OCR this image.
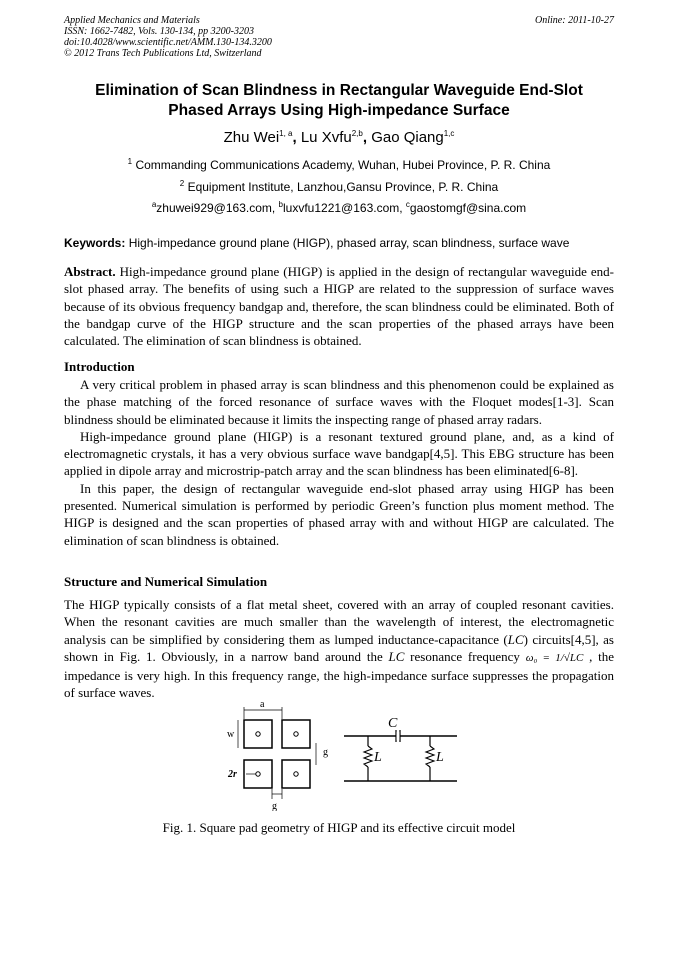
Applied Mechanics and Materials
ISSN: 1662-7482, Vols. 130-134, pp 3200-3203
doi:10.4028/www.scientific.net/AMM.130-134.3200
© 2012 Trans Tech Publications Ltd, Switzerland
Online: 2011-10-27
Elimination of Scan Blindness in Rectangular Waveguide End-Slot
Phased Arrays Using High-impedance Surface
Zhu Wei$^{1, a}$, Lu Xvfu$^{2,b}$, Gao Qiang$^{1,c}$
$^1$ Commanding Communications Academy, Wuhan, Hubei Province, P. R. China
$^2$ Equipment Institute, Lanzhou,Gansu Province, P. R. China
$^a$zhuwei929@163.com, $^b$luxvfu1221@163.com, $^c$gaostomgf@sina.com
Keywords: High-impedance ground plane (HIGP), phased array, scan blindness, surface wave

Abstract. High-impedance ground plane (HIGP) is applied in the design of rectangular waveguide end-slot phased array. The benefits of using such a HIGP are related to the suppression of surface waves because of its obvious frequency bandgap and, therefore, the scan blindness could be eliminated. Both of the bandgap curve of the HIGP structure and the scan properties of the phased arrays have been calculated. The elimination of scan blindness is obtained.

Introduction

A very critical problem in phased array is scan blindness and this phenomenon could be explained as the phase matching of the forced resonance of surface waves with the Floquet modes[1-3]. Scan blindness should be eliminated because it limits the inspecting range of phased array radars.

High-impedance ground plane (HIGP) is a resonant textured ground plane, and, as a kind of electromagnetic crystals, it has a very obvious surface wave bandgap[4,5]. This EBG structure has been applied in dipole array and microstrip-patch array and the scan blindness has been eliminated[6-8].

In this paper, the design of rectangular waveguide end-slot phased array using HIGP has been presented. Numerical simulation is performed by periodic Green’s function plus moment method. The HIGP is designed and the scan properties of phased array with and without HIGP are calculated. The elimination of scan blindness is obtained.

Structure and Numerical Simulation

The HIGP typically consists of a flat metal sheet, covered with an array of coupled resonant cavities. When the resonant cavities are much smaller than the wavelength of interest, the electromagnetic analysis can be simplified by considering them as lumped inductance-capacitance (LC) circuits[4,5], as shown in Fig. 1. Obviously, in a narrow band around the LC resonance frequency ω₀ = 1/√LC , the impedance is very high. In this frequency range, the high-impedance surface suppresses the propagation of surface waves.

a
w
g
2r
g
C
L	L
Fig. 1. Square pad geometry of HIGP and its effective circuit model
